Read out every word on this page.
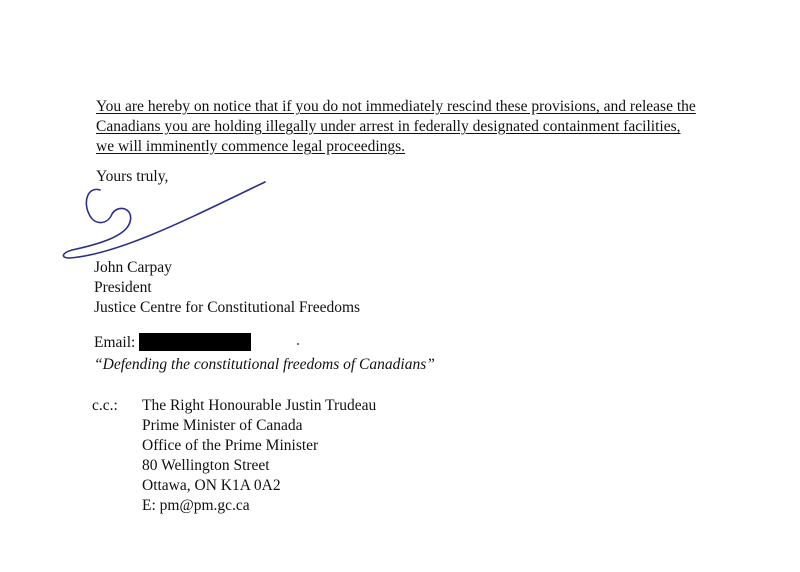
You are hereby on notice that if you do not immediately rescind these provisions, and release the
Canadians you are holding illegally under arrest in federally designated containment facilities,
we will imminently commence legal proceedings.
Yours truly,
John Carpay
President
Justice Centre for Constitutional Freedoms
Email:
“Defending the constitutional freedoms of Canadians”
c.c.: The Right Honourable Justin Trudeau
Prime Minister of Canada
Office of the Prime Minister
80 Wellington Street
Ottawa, ON K1A 0A2
E: pm@pm.gc.ca
